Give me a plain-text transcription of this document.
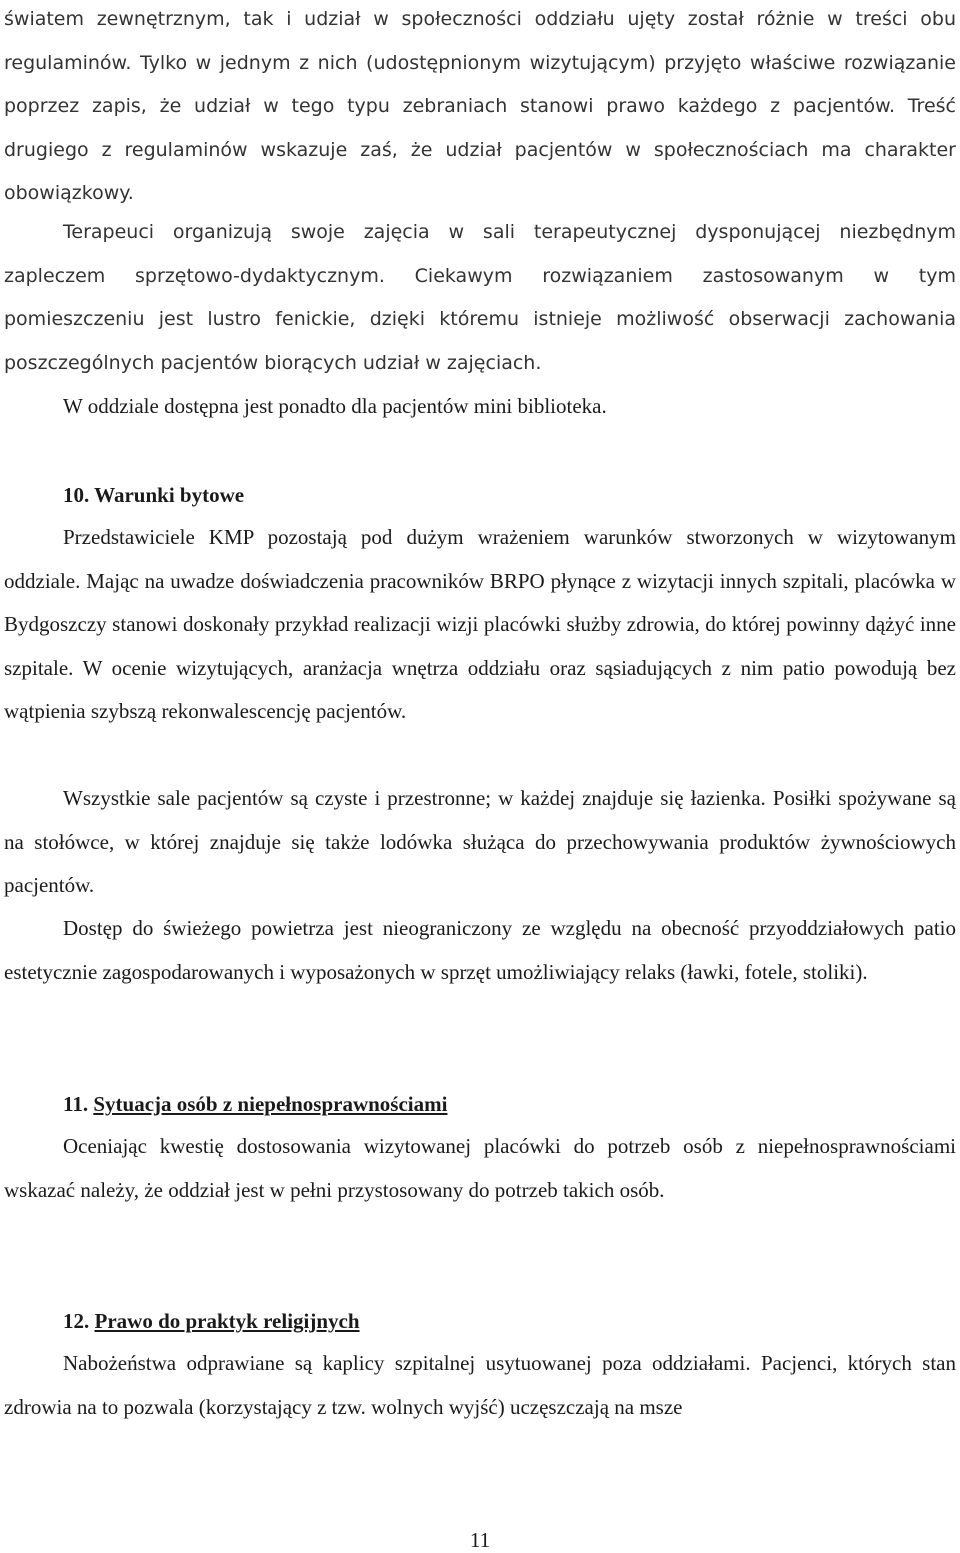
światem zewnętrznym, tak i udział w społeczności oddziału ujęty został różnie w treści obu regulaminów. Tylko w jednym z nich (udostępnionym wizytującym) przyjęto właściwe rozwiązanie poprzez zapis, że udział w tego typu zebraniach stanowi prawo każdego z pacjentów. Treść drugiego z regulaminów wskazuje zaś, że udział pacjentów w społecznościach ma charakter obowiązkowy.

Terapeuci organizują swoje zajęcia w sali terapeutycznej dysponującej niezbędnym zapleczem sprzętowo-dydaktycznym. Ciekawym rozwiązaniem zastosowanym w tym pomieszczeniu jest lustro fenickie, dzięki któremu istnieje możliwość obserwacji zachowania poszczególnych pacjentów biorących udział w zajęciach.

W oddziale dostępna jest ponadto dla pacjentów mini biblioteka.

10. Warunki bytowe

Przedstawiciele KMP pozostają pod dużym wrażeniem warunków stworzonych w wizytowanym oddziale. Mając na uwadze doświadczenia pracowników BRPO płynące z wizytacji innych szpitali, placówka w Bydgoszczy stanowi doskonały przykład realizacji wizji placówki służby zdrowia, do której powinny dążyć inne szpitale. W ocenie wizytujących, aranżacja wnętrza oddziału oraz sąsiadujących z nim patio powodują bez wątpienia szybszą rekonwalescencję pacjentów.

Wszystkie sale pacjentów są czyste i przestronne; w każdej znajduje się łazienka. Posiłki spożywane są na stołówce, w której znajduje się także lodówka służąca do przechowywania produktów żywnościowych pacjentów.

Dostęp do świeżego powietrza jest nieograniczony ze względu na obecność przyoddziałowych patio estetycznie zagospodarowanych i wyposażonych w sprzęt umożliwiający relaks (ławki, fotele, stoliki).

11. Sytuacja osób z niepełnosprawnościami

Oceniając kwestię dostosowania wizytowanej placówki do potrzeb osób z niepełnosprawnościami wskazać należy, że oddział jest w pełni przystosowany do potrzeb takich osób.

12. Prawo do praktyk religijnych

Nabożeństwa odprawiane są kaplicy szpitalnej usytuowanej poza oddziałami. Pacjenci, których stan zdrowia na to pozwala (korzystający z tzw. wolnych wyjść) uczęszczają na msze

11
